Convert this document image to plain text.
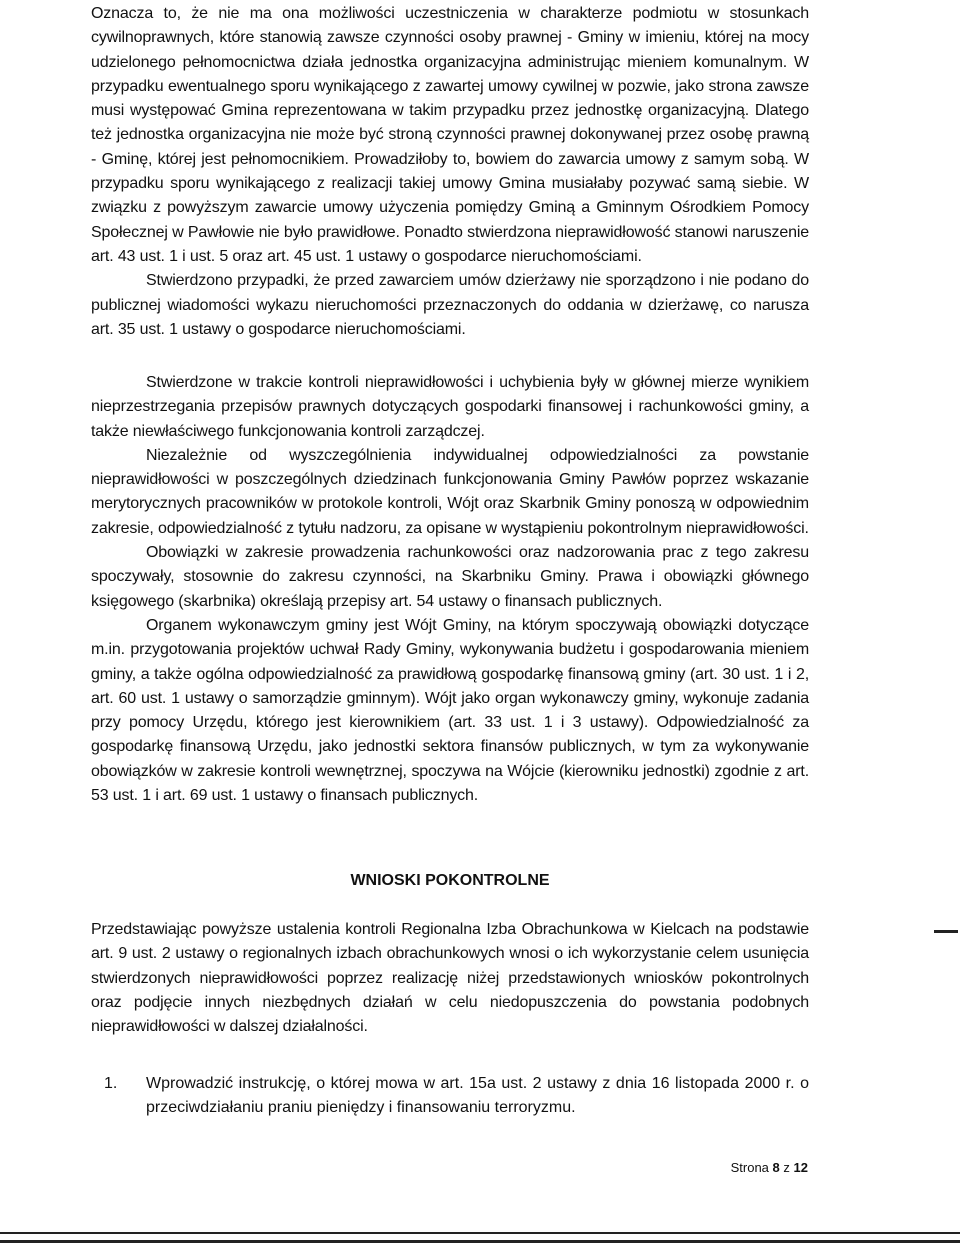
Oznacza to, że nie ma ona możliwości uczestniczenia w charakterze podmiotu w stosunkach cywilnoprawnych, które stanowią zawsze czynności osoby prawnej - Gminy w imieniu, której na mocy udzielonego pełnomocnictwa działa jednostka organizacyjna administrując mieniem komunalnym. W przypadku ewentualnego sporu wynikającego z zawartej umowy cywilnej w pozwie, jako strona zawsze musi występować Gmina reprezentowana w takim przypadku przez jednostkę organizacyjną. Dlatego też jednostka organizacyjna nie może być stroną czynności prawnej dokonywanej przez osobę prawną - Gminę, której jest pełnomocnikiem. Prowadziłoby to, bowiem do zawarcia umowy z samym sobą. W przypadku sporu wynikającego z realizacji takiej umowy Gmina musiałaby pozywać samą siebie. W związku z powyższym zawarcie umowy użyczenia pomiędzy Gminą a Gminnym Ośrodkiem Pomocy Społecznej w Pawłowie nie było prawidłowe. Ponadto stwierdzona nieprawidłowość stanowi naruszenie art. 43 ust. 1 i ust. 5 oraz art. 45 ust. 1 ustawy o gospodarce nieruchomościami.

Stwierdzono przypadki, że przed zawarciem umów dzierżawy nie sporządzono i nie podano do publicznej wiadomości wykazu nieruchomości przeznaczonych do oddania w dzierżawę, co narusza art. 35 ust. 1 ustawy o gospodarce nieruchomościami.

Stwierdzone w trakcie kontroli nieprawidłowości i uchybienia były w głównej mierze wynikiem nieprzestrzegania przepisów prawnych dotyczących gospodarki finansowej i rachunkowości gminy, a także niewłaściwego funkcjonowania kontroli zarządczej.

Niezależnie od wyszczególnienia indywidualnej odpowiedzialności za powstanie nieprawidłowości w poszczególnych dziedzinach funkcjonowania Gminy Pawłów poprzez wskazanie merytorycznych pracowników w protokole kontroli, Wójt oraz Skarbnik Gminy ponoszą w odpowiednim zakresie, odpowiedzialność z tytułu nadzoru, za opisane w wystąpieniu pokontrolnym nieprawidłowości.

Obowiązki w zakresie prowadzenia rachunkowości oraz nadzorowania prac z tego zakresu spoczywały, stosownie do zakresu czynności, na Skarbniku Gminy. Prawa i obowiązki głównego księgowego (skarbnika) określają przepisy art. 54 ustawy o finansach publicznych.

Organem wykonawczym gminy jest Wójt Gminy, na którym spoczywają obowiązki dotyczące m.in. przygotowania projektów uchwał Rady Gminy, wykonywania budżetu i gospodarowania mieniem gminy, a także ogólna odpowiedzialność za prawidłową gospodarkę finansową gminy (art. 30 ust. 1 i 2, art. 60 ust. 1 ustawy o samorządzie gminnym). Wójt jako organ wykonawczy gminy, wykonuje zadania przy pomocy Urzędu, którego jest kierownikiem (art. 33 ust. 1 i 3 ustawy). Odpowiedzialność za gospodarkę finansową Urzędu, jako jednostki sektora finansów publicznych, w tym za wykonywanie obowiązków w zakresie kontroli wewnętrznej, spoczywa na Wójcie (kierowniku jednostki) zgodnie z art. 53 ust. 1 i art. 69 ust. 1 ustawy o finansach publicznych.

WNIOSKI POKONTROLNE

Przedstawiając powyższe ustalenia kontroli Regionalna Izba Obrachunkowa w Kielcach na podstawie art. 9 ust. 2 ustawy o regionalnych izbach obrachunkowych wnosi o ich wykorzystanie celem usunięcia stwierdzonych nieprawidłowości poprzez realizację niżej przedstawionych wniosków pokontrolnych oraz podjęcie innych niezbędnych działań w celu niedopuszczenia do powstania podobnych nieprawidłowości w dalszej działalności.

1.	Wprowadzić instrukcję, o której mowa w art. 15a ust. 2 ustawy z dnia 16 listopada 2000 r. o przeciwdziałaniu praniu pieniędzy i finansowaniu terroryzmu.
Strona 8 z 12
